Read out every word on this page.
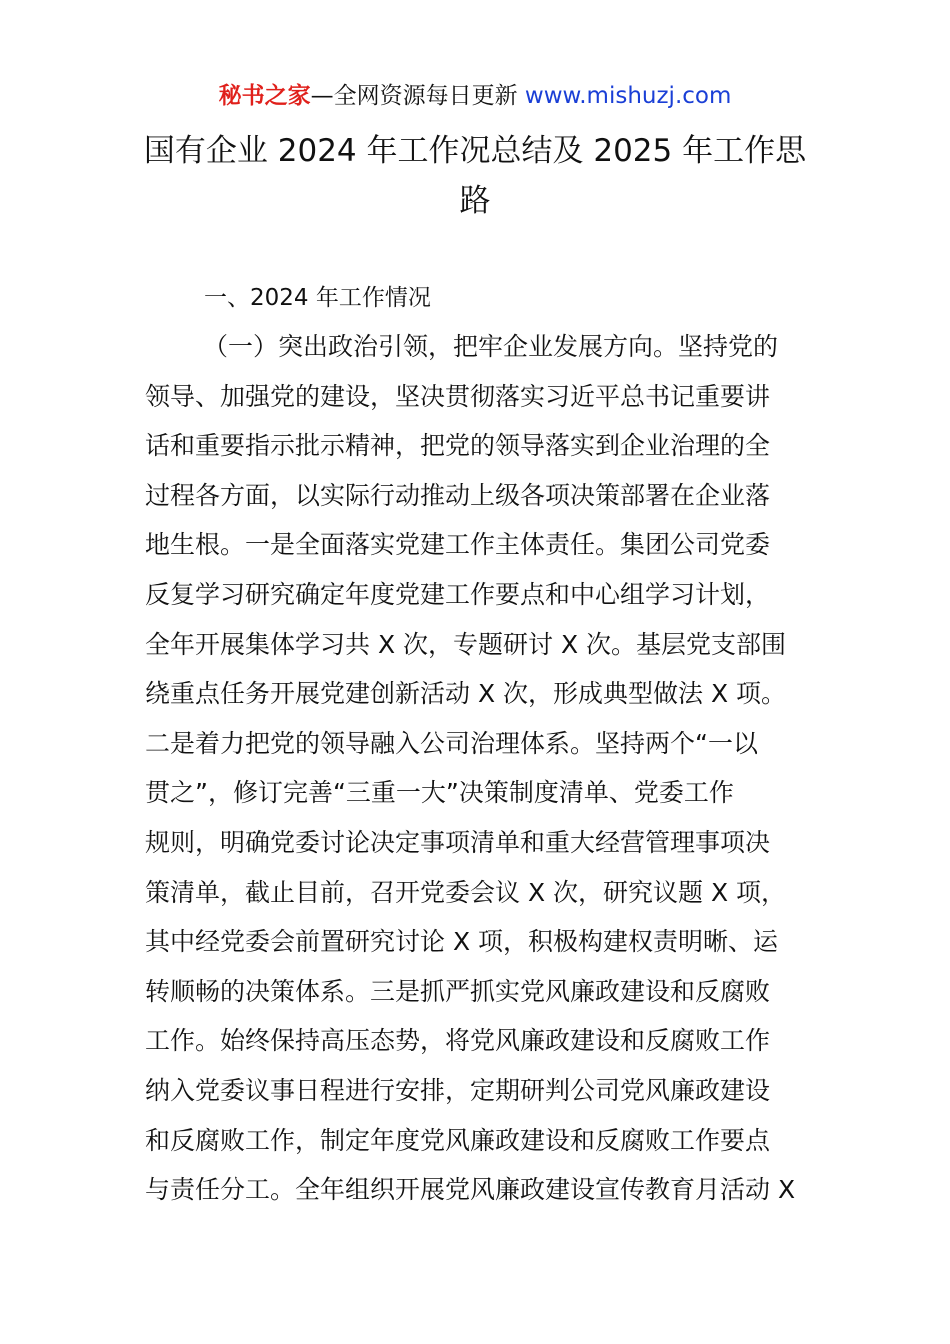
秘书之家—全网资源每日更新 www.mishuzj.com
国有企业 2024 年工作况总结及 2025 年工作思
路

一、2024 年工作情况

（一）突出政治引领，把牢企业发展方向。坚持党的
领导、加强党的建设，坚决贯彻落实习近平总书记重要讲
话和重要指示批示精神，把党的领导落实到企业治理的全
过程各方面，以实际行动推动上级各项决策部署在企业落
地生根。一是全面落实党建工作主体责任。集团公司党委
反复学习研究确定年度党建工作要点和中心组学习计划，
全年开展集体学习共 X 次，专题研讨 X 次。基层党支部围
绕重点任务开展党建创新活动 X 次，形成典型做法 X 项。
二是着力把党的领导融入公司治理体系。坚持两个“一以
贯之”，修订完善“三重一大”决策制度清单、党委工作
规则，明确党委讨论决定事项清单和重大经营管理事项决
策清单，截止目前，召开党委会议 X 次，研究议题 X 项，
其中经党委会前置研究讨论 X 项，积极构建权责明晰、运
转顺畅的决策体系。三是抓严抓实党风廉政建设和反腐败
工作。始终保持高压态势，将党风廉政建设和反腐败工作
纳入党委议事日程进行安排，定期研判公司党风廉政建设
和反腐败工作，制定年度党风廉政建设和反腐败工作要点
与责任分工。全年组织开展党风廉政建设宣传教育月活动 X
